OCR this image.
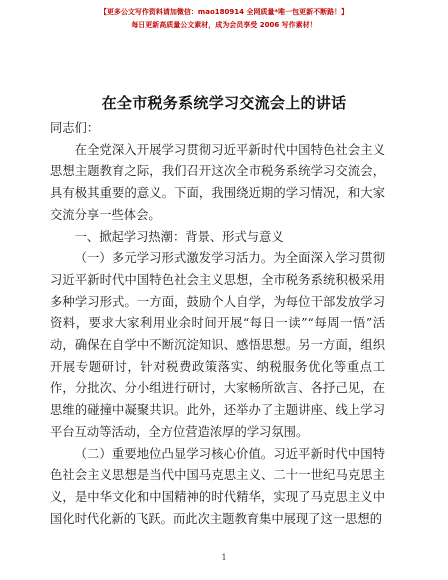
【更多公文写作资料请加微信：mao180914 全网质量*唯一包更新不断路！】
每日更新高质量公文素材，成为会员享受 2006 写作素材！
在全市税务系统学习交流会上的讲话

同志们：

在全党深入开展学习贯彻习近平新时代中国特色社会主义思想主题教育之际，我们召开这次全市税务系统学习交流会，具有极其重要的意义。下面，我围绕近期的学习情况，和大家交流分享一些体会。

一、掀起学习热潮：背景、形式与意义

（一）多元学习形式激发学习活力。为全面深入学习贯彻习近平新时代中国特色社会主义思想，全市税务系统积极采用多种学习形式。一方面，鼓励个人自学，为每位干部发放学习资料，要求大家利用业余时间开展“每日一读”“每周一悟”活动，确保在自学中不断沉淀知识、感悟思想。另一方面，组织开展专题研讨，针对税费政策落实、纳税服务优化等重点工作，分批次、分小组进行研讨，大家畅所欲言、各抒己见，在思维的碰撞中凝聚共识。此外，还举办了主题讲座、线上学习平台互动等活动，全方位营造浓厚的学习氛围。

（二）重要地位凸显学习核心价值。习近平新时代中国特色社会主义思想是当代中国马克思主义、二十一世纪马克思主义，是中华文化和中国精神的时代精华，实现了马克思主义中国化时代化新的飞跃。而此次主题教育集中展现了这一思想的

1
